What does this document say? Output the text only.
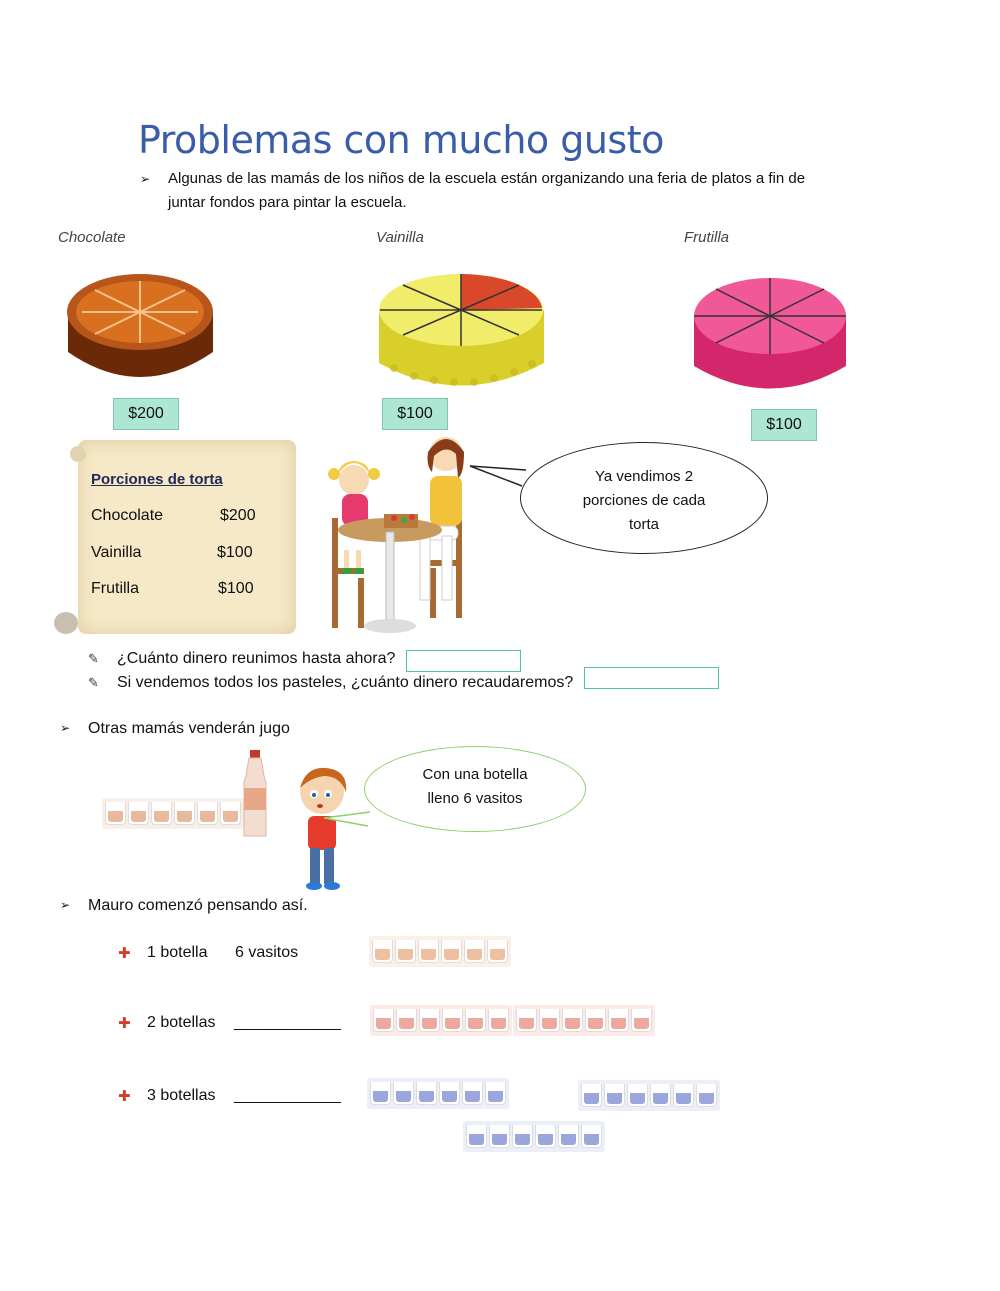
Problemas con mucho gusto
➢ Algunas de las mamás de los niños de la escuela están organizando una feria de platos a fin de
juntar fondos para pintar la escuela.
Chocolate	Vainilla	Frutilla
$200	$100
$100
Porciones de torta
Chocolate	$200
Vainilla	$100
Frutilla	$100
Ya vendimos 2
porciones de cada
torta
✎ ¿Cuánto dinero reunimos hasta ahora?
✎ Si vendemos todos los pasteles, ¿cuánto dinero recaudaremos?
➢ Otras mamás venderán jugo
Con una botella
lleno 6 vasitos
➢ Mauro comenzó pensando así.
✚ 1 botella 6 vasitos
✚ 2 botellas ____________
✚ 3 botellas ____________
